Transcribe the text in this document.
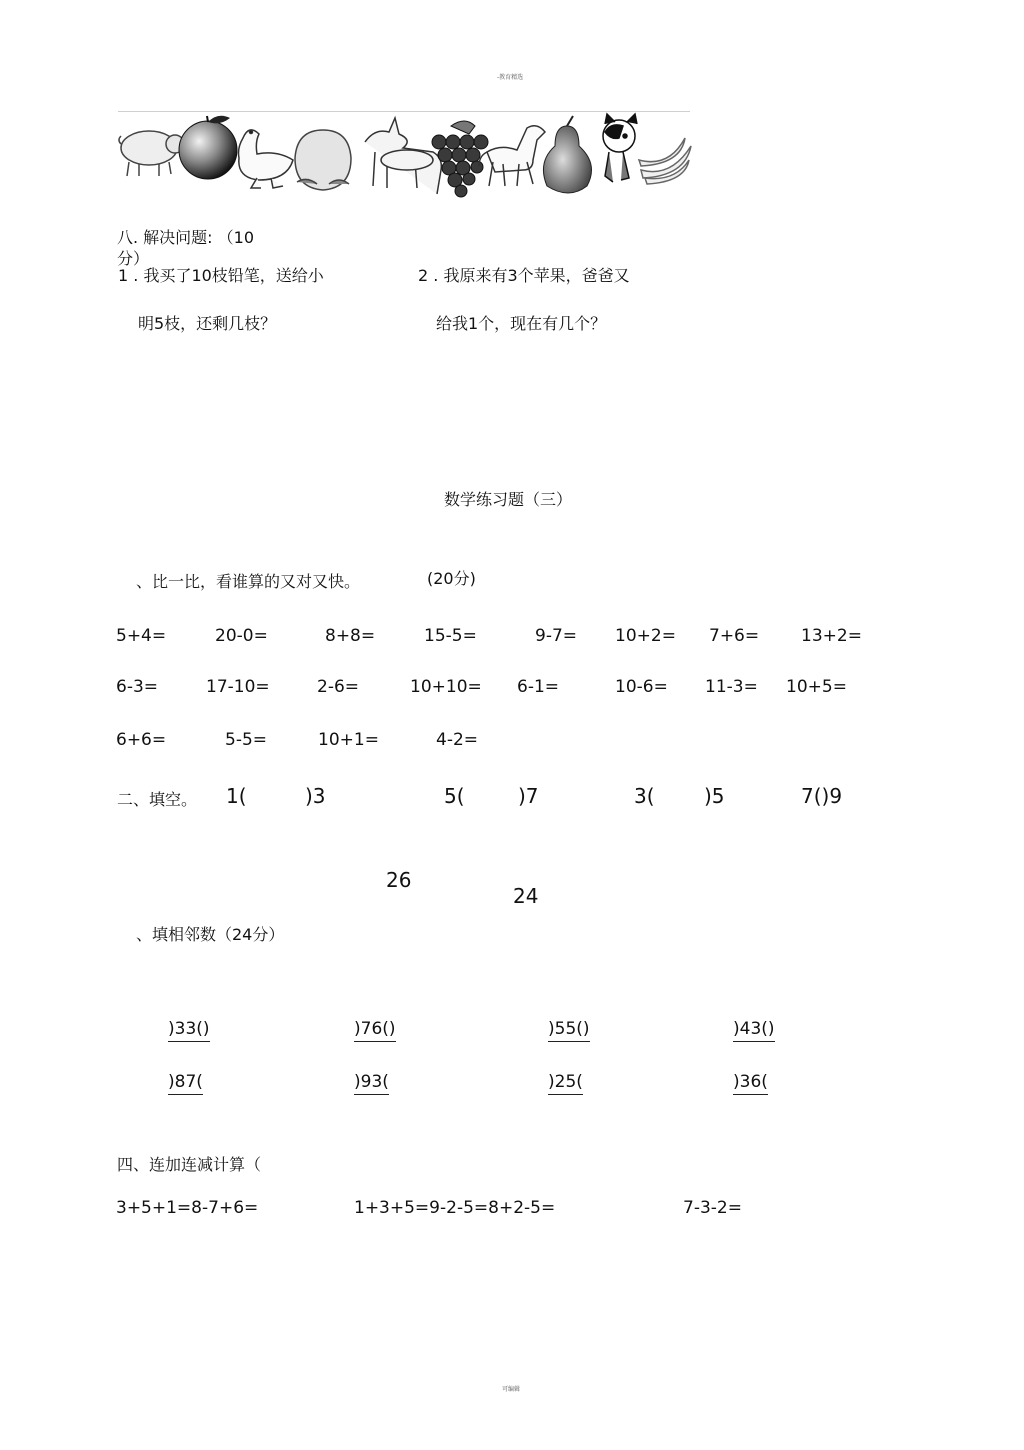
-教育精选
八. 解决问题: （10
分）
1 . 我买了10枝铅笔，送给小
明5枝，还剩几枝？
2 . 我原来有3个苹果，爸爸又
给我1个，现在有几个？
数学练习题（三）
、比一比，看谁算的又对又快。	(20分)
5+4=	20-0=	8+8=	15-5=	9-7= 10+2= 7+6= 13+2=
6-3=	17-10=	2-6=	10+10= 6-1=	10-6= 11-3= 10+5=
6+6=	5-5=	10+1=	4-2=
二、填空。 1(	)3	5(	)7	3( )5	7()9
26
24
、填相邻数（24分）
)33()	)76()	)55()	)43()
)87(	)93(	)25(	)36(
四、连加连减计算（
3+5+1=8-7+6=	1+3+5=9-2-5=8+2-5=	7-3-2=
可编辑
